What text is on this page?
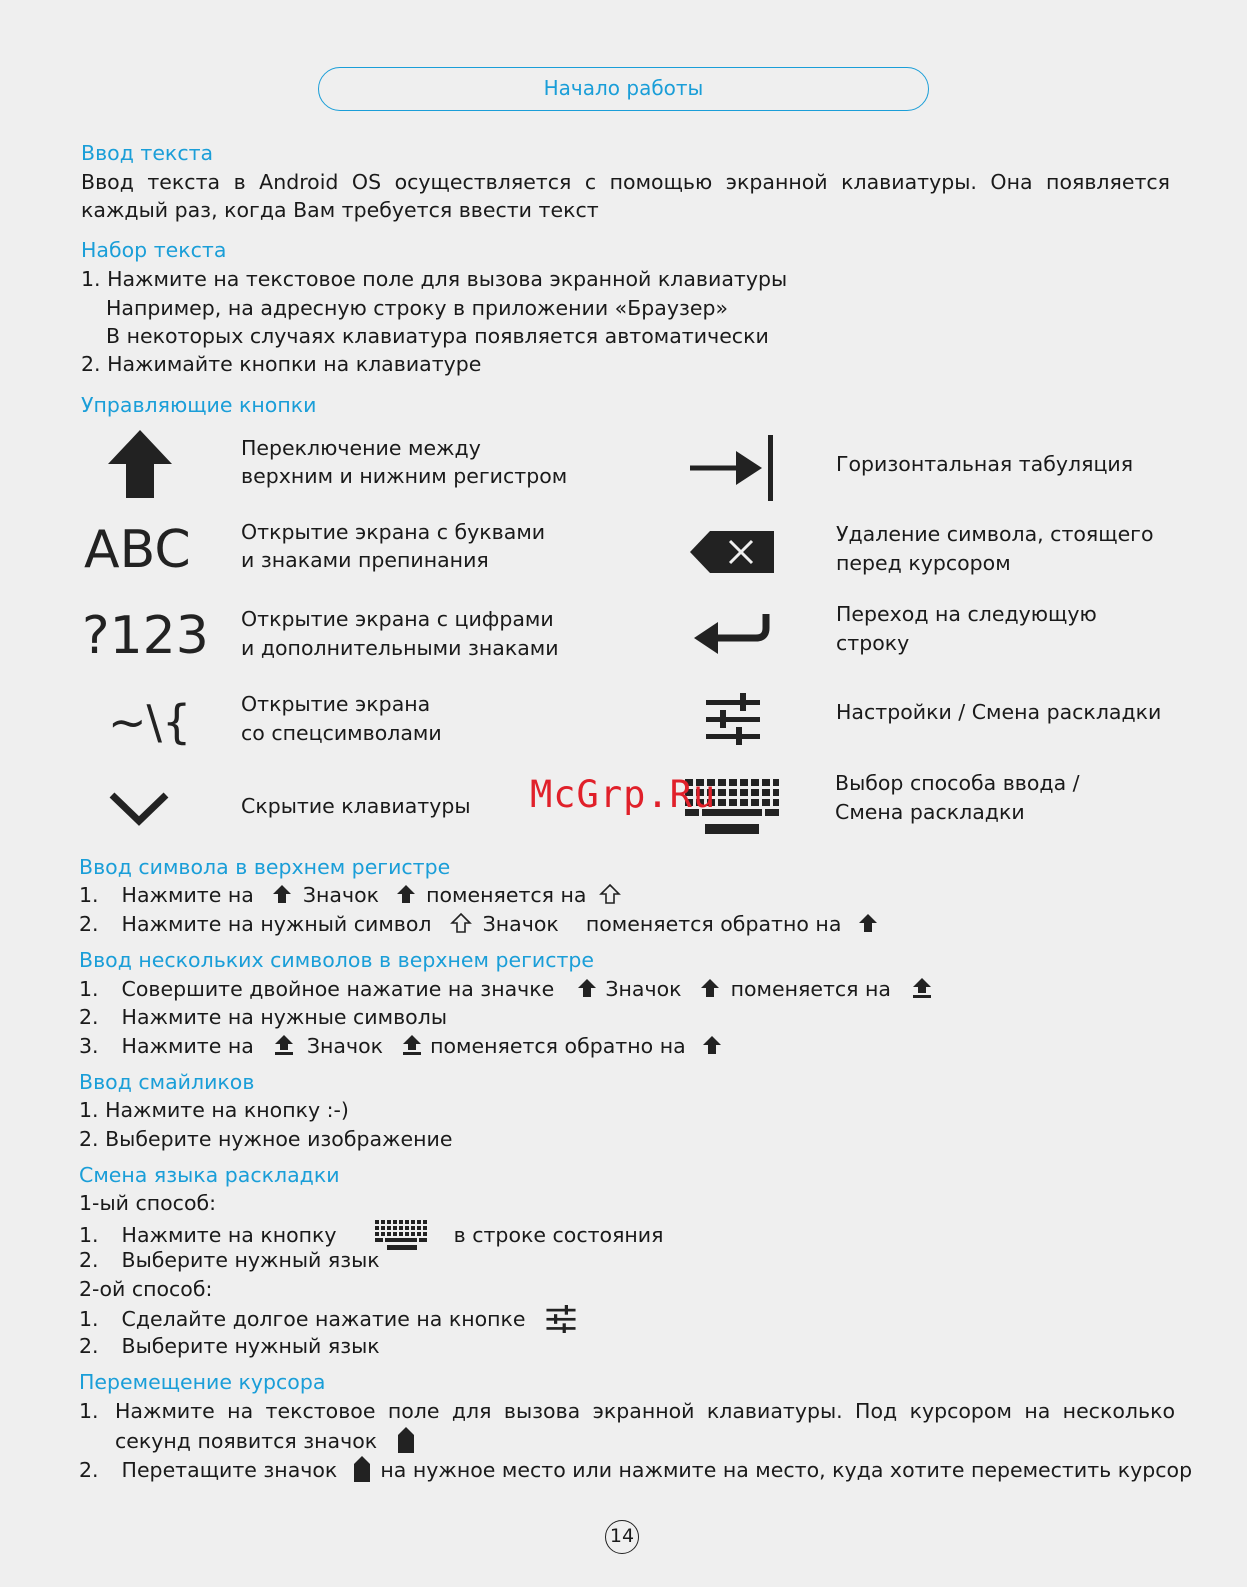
Начало работы
Ввод текста
Ввод текста в Android OS осуществляется с помощью экранной клавиатуры. Она появляется
каждый раз, когда Вам требуется ввести текст
Набор текста
1. Нажмите на текстовое поле для вызова экранной клавиатуры
Например, на адресную строку в приложении «Браузер»
В некоторых случаях клавиатура появляется автоматически
2. Нажимайте кнопки на клавиатуре
Управляющие кнопки
ABC
?123
~\{
Переключение между
верхним и нижним регистром
Открытие экрана с буквами
и знаками препинания
Открытие экрана с цифрами
и дополнительными знаками
Открытие экрана
со спецсимволами
Скрытие клавиатуры
Горизонтальная табуляция
Удаление символа, стоящего
перед курсором
Переход на следующую
строку
Настройки / Смена раскладки
Выбор способа ввода /
Смена раскладки
McGrp.Ru
Ввод символа в верхнем регистре
1. Нажмите на Значок поменяется на
2. Нажмите на нужный символ Значок поменяется обратно на
Ввод нескольких символов в верхнем регистре
1. Совершите двойное нажатие на значке Значок поменяется на
2. Нажмите на нужные символы
3. Нажмите на	Значок поменяется обратно на
Ввод смайликов
1. Нажмите на кнопку :-)
2. Выберите нужное изображение
Смена языка раскладки
1-ый способ:
1. Нажмите на кнопку	в строке состояния
2. Выберите нужный язык
2-ой способ:
1. Сделайте долгое нажатие на кнопке
2. Выберите нужный язык
Перемещение курсора
1. Нажмите на текстовое поле для вызова экранной клавиатуры. Под курсором на несколько
секунд появится значок
2. Перетащите значок на нужное место или нажмите на место, куда хотите переместить курсор
14
